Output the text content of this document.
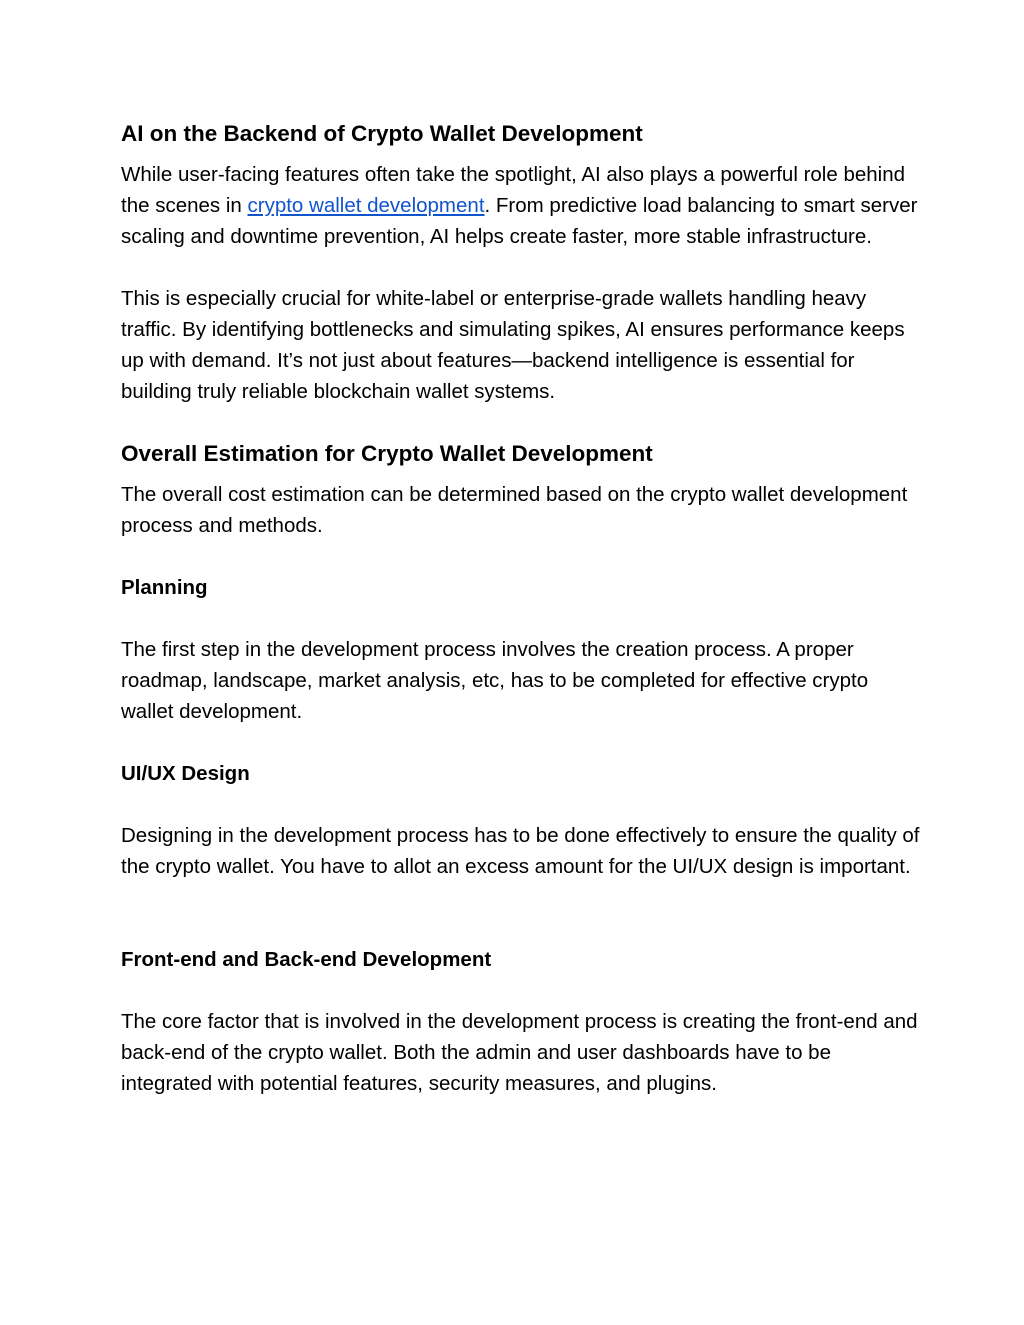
AI on the Backend of Crypto Wallet Development

While user-facing features often take the spotlight, AI also plays a powerful role behind the scenes in crypto wallet development. From predictive load balancing to smart server scaling and downtime prevention, AI helps create faster, more stable infrastructure.

This is especially crucial for white-label or enterprise-grade wallets handling heavy traffic. By identifying bottlenecks and simulating spikes, AI ensures performance keeps up with demand. It’s not just about features—backend intelligence is essential for building truly reliable blockchain wallet systems.

Overall Estimation for Crypto Wallet Development

The overall cost estimation can be determined based on the crypto wallet development process and methods.

Planning

The first step in the development process involves the creation process. A proper roadmap, landscape, market analysis, etc, has to be completed for effective crypto wallet development.

UI/UX Design

Designing in the development process has to be done effectively to ensure the quality of the crypto wallet. You have to allot an excess amount for the UI/UX design is important.

Front-end and Back-end Development

The core factor that is involved in the development process is creating the front-end and back-end of the crypto wallet. Both the admin and user dashboards have to be integrated with potential features, security measures, and plugins.
